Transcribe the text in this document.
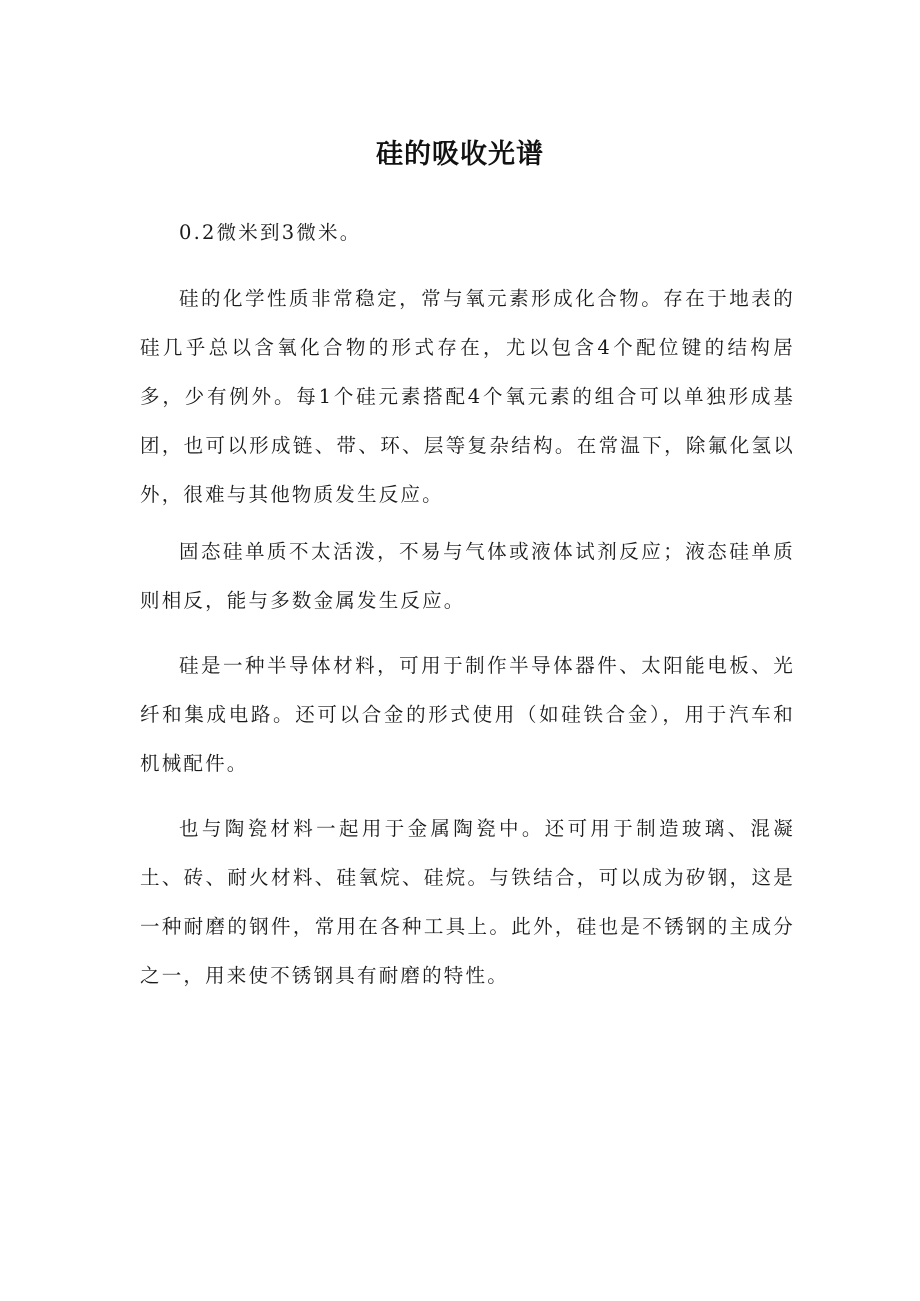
硅的吸收光谱

0.2微米到3微米。

硅的化学性质非常稳定，常与氧元素形成化合物。存在于地表的硅几乎总以含氧化合物的形式存在，尤以包含4个配位键的结构居多，少有例外。每1个硅元素搭配4个氧元素的组合可以单独形成基团，也可以形成链、带、环、层等复杂结构。在常温下，除氟化氢以外，很难与其他物质发生反应。

固态硅单质不太活泼，不易与气体或液体试剂反应；液态硅单质则相反，能与多数金属发生反应。

硅是一种半导体材料，可用于制作半导体器件、太阳能电板、光纤和集成电路。还可以合金的形式使用（如硅铁合金），用于汽车和机械配件。

也与陶瓷材料一起用于金属陶瓷中。还可用于制造玻璃、混凝土、砖、耐火材料、硅氧烷、硅烷。与铁结合，可以成为矽钢，这是一种耐磨的钢件，常用在各种工具上。此外，硅也是不锈钢的主成分之一，用来使不锈钢具有耐磨的特性。
